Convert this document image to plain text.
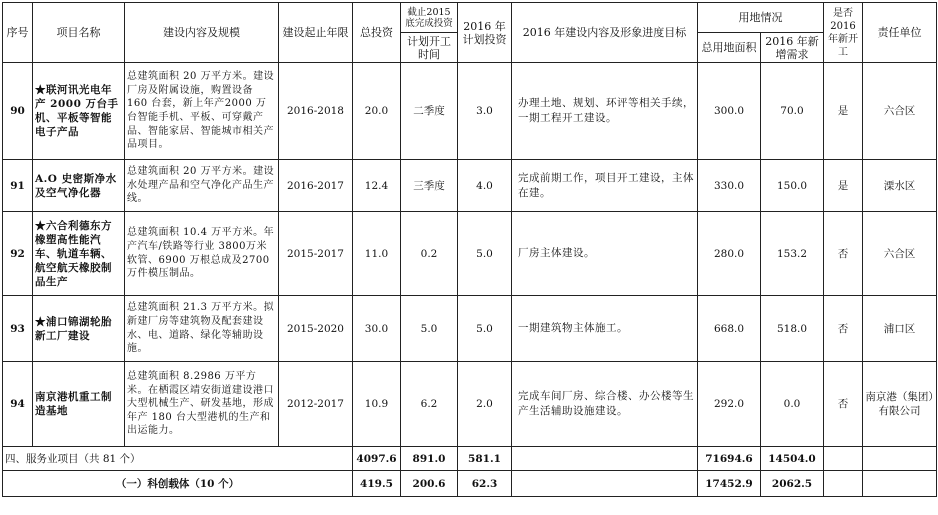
序号	项目名称	建设内容及规模	建设起止年限	总投资	截止2015底完成投资	2016 年计划投资	2016 年建设内容及形象进度目标	用地情况		是否2016年新开工	责任单位
					计划开工时间			总用地面积	2016 年新增需求		
90	★联河讯光电年产 2000 万台手机、平板等智能电子产品	总建筑面积 20 万平方米。建设厂房及附属设施，购置设备 160 台套，新上年产2000 万台智能手机、平板、可穿戴产品、智能家居、智能城市相关产品项目。	2016-2018	20.0	二季度	3.0	办理土地、规划、环评等相关手续，一期工程开工建设。	300.0	70.0	是	六合区
91	A.O 史密斯净水及空气净化器	总建筑面积 20 万平方米。建设水处理产品和空气净化产品生产线。	2016-2017	12.4	三季度	4.0	完成前期工作，项目开工建设，主体在建。	330.0	150.0	是	溧水区
92	★六合利德东方橡塑高性能汽车、轨道车辆、航空航天橡胶制品生产	总建筑面积 10.4 万平方米。年产汽车/铁路等行业 3800万米软管、6900 万根总成及2700 万件模压制品。	2015-2017	11.0	0.2	5.0	厂房主体建设。	280.0	153.2	否	六合区
93	★浦口锦湖轮胎新工厂建设	总建筑面积 21.3 万平方米。拟新建厂房等建筑物及配套建设水、电、道路、绿化等辅助设施。	2015-2020	30.0	5.0	5.0	一期建筑物主体施工。	668.0	518.0	否	浦口区
94	南京港机重工制造基地	总建筑面积 8.2986 万平方米。在栖霞区靖安街道建设港口大型机械生产、研发基地，形成年产 180 台大型港机的生产和出运能力。	2012-2017	10.9	6.2	2.0	完成车间厂房、综合楼、办公楼等生产生活辅助设施建设。	292.0	0.0	否	南京港（集团）有限公司
四、服务业项目（共 81 个）				4097.6	891.0	581.1		71694.6	14504.0		
（一）科创载体（10 个）				419.5	200.6	62.3		17452.9	2062.5		
